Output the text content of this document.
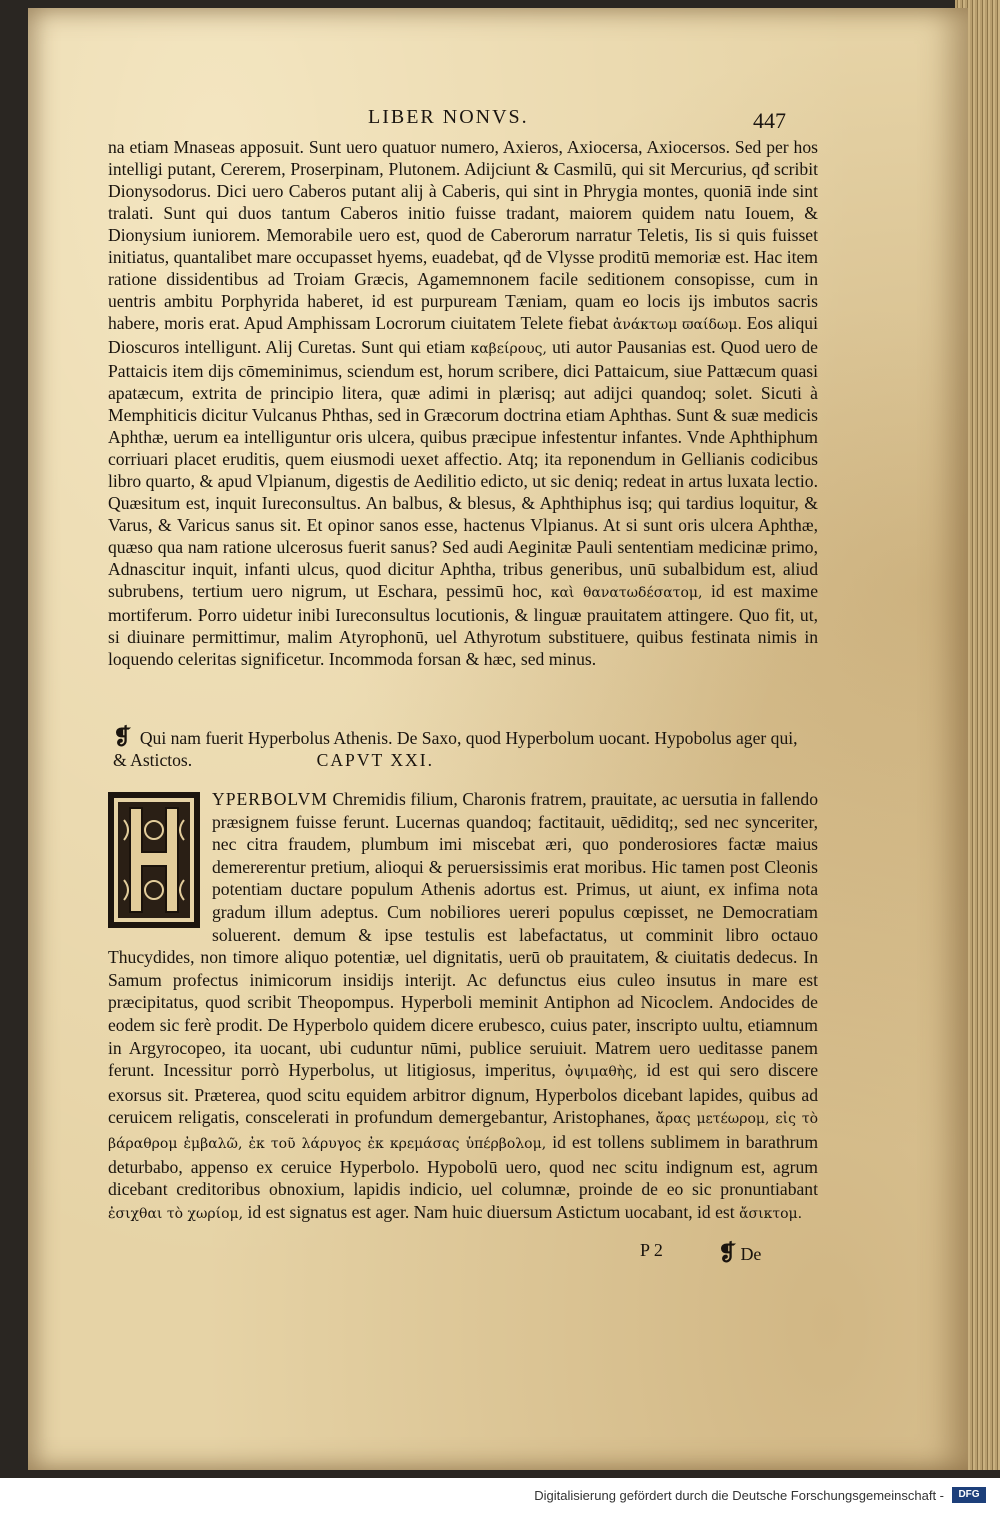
LIBER NONVS.	447
na etiam Mnaseas apposuit. Sunt uero quatuor numero, Axieros, Axiocersa, Axiocersos. Sed per hos intelligi putant, Cererem, Proserpinam, Plutonem. Adijciunt & Casmilū, qui sit Mercurius, qđ scribit Dionysodorus. Dici uero Caberos putant alij à Caberis, qui sint in Phrygia montes, quoniā inde sint tralati. Sunt qui duos tantum Caberos initio fuisse tradant, maiorem quidem natu Iouem, & Dionysium iuniorem. Memorabile uero est, quod de Caberorum narratur Teletis, Iis si quis fuisset initiatus, quantalibet mare occupasset hyems, euadebat, qđ de Vlysse proditū memoriæ est. Hac item ratione dissidentibus ad Troiam Græcis, Agamemnonem facile seditionem consopisse, cum in uentris ambitu Porphyrida haberet, id est purpuream Tæniam, quam eo locis ijs imbutos sacris habere, moris erat. Apud Amphissam Locrorum ciuitatem Telete fiebat ἀνάκτωμ ϖαίδωμ. Eos aliqui Dioscuros intelligunt. Alij Curetas. Sunt qui etiam καβείρους, uti autor Pausanias est. Quod uero de Pattaicis item dijs cōmeminimus, sciendum est, horum scribere, dici Pattaicum, siue Pattæcum quasi apatæcum, extrita de principio litera, quæ adimi in plærisq; aut adijci quandoq; solet. Sicuti à Memphiticis dicitur Vulcanus Phthas, sed in Græcorum doctrina etiam Aphthas. Sunt & suæ medicis Aphthæ, uerum ea intelliguntur oris ulcera, quibus præcipue infestentur infantes. Vnde Aphthiphum corriuari placet eruditis, quem eiusmodi uexet affectio. Atq; ita reponendum in Gellianis codicibus libro quarto, & apud Vlpianum, digestis de Aedilitio edicto, ut sic deniq; redeat in artus luxata lectio. Quæsitum est, inquit Iureconsultus. An balbus, & blesus, & Aphthiphus isq; qui tardius loquitur, & Varus, & Varicus sanus sit. Et opinor sanos esse, hactenus Vlpianus. At si sunt oris ulcera Aphthæ, quæso qua nam ratione ulcerosus fuerit sanus? Sed audi Aeginitæ Pauli sententiam medicinæ primo, Adnascitur inquit, infanti ulcus, quod dicitur Aphtha, tribus generibus, unū subalbidum est, aliud subrubens, tertium uero nigrum, ut Eschara, pessimū hoc, καὶ θανατωδέσατομ, id est maxime mortiferum. Porro uidetur inibi Iureconsultus locutionis, & linguæ prauitatem attingere. Quo fit, ut, si diuinare permittimur, malim Atyrophonū, uel Athyrotum substituere, quibus festinata nimis in loquendo celeritas significetur. Incommoda forsan & hæc, sed minus.
❡ Qui nam fuerit Hyperbolus Athenis. De Saxo, quod Hyperbolum uocant. Hypobolus ager qui, & Astictos.	CAPVT XXI.
YPERBOLVM Chremidis filium, Charonis fratrem, prauitate, ac uersutia in fallendo præsignem fuisse ferunt. Lucernas quandoq; factitauit, uēdiditq;, sed nec synceriter, nec citra fraudem, plumbum imi miscebat æri, quo ponderosiores factæ maius demererentur pretium, alioqui & peruersissimis erat moribus. Hic tamen post Cleonis potentiam ductare populum Athenis adortus est. Primus, ut aiunt, ex infima nota gradum illum adeptus. Cum nobiliores uereri populus cœpisset, ne Democratiam soluerent. demum & ipse testulis est labefactatus, ut comminit libro octauo Thucydides, non timore aliquo potentiæ, uel dignitatis, uerū ob prauitatem, & ciuitatis dedecus. In Samum profectus inimicorum insidijs interijt. Ac defunctus eius culeo insutus in mare est præcipitatus, quod scribit Theopompus. Hyperboli meminit Antiphon ad Nicoclem. Andocides de eodem sic ferè prodit. De Hyperbolo quidem dicere erubesco, cuius pater, inscripto uultu, etiamnum in Argyrocopeo, ita uocant, ubi cuduntur nūmi, publice seruiuit. Matrem uero ueditasse panem ferunt. Incessitur porrò Hyperbolus, ut litigiosus, imperitus, ὀψιμαθὴς, id est qui sero discere exorsus sit. Præterea, quod scitu equidem arbitror dignum, Hyperbolos dicebant lapides, quibus ad ceruicem religatis, conscelerati in profundum demergebantur, Aristophanes, ἄρας μετέωρομ, εἰς τὸ βάραθρομ ἐμβαλῶ, ἐκ τοῦ λάρυγος ἐκ κρεμάσας ὑπέρβολομ, id est tollens sublimem in barathrum deturbabo, appenso ex ceruice Hyperbolo. Hypobolū uero, quod nec scitu indignum est, agrum dicebant creditoribus obnoxium, lapidis indicio, uel columnæ, proinde de eo sic pronuntiabant ἐσιχθαι τὸ χωρίομ, id est signatus est ager. Nam huic diuersum Astictum uocabant, id est ἄσικτομ.
P 2	❡ De
Digitalisierung gefördert durch die Deutsche Forschungsgemeinschaft -	DFG
